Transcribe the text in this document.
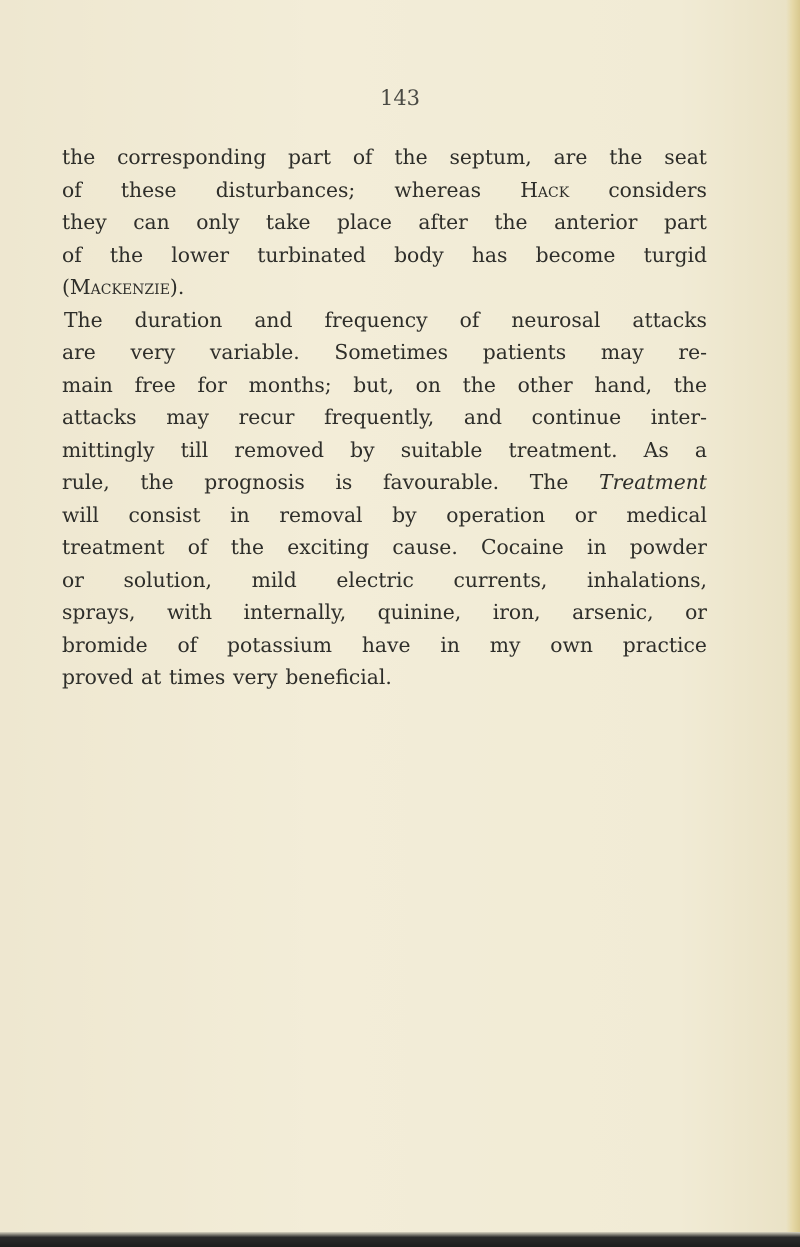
143
the corresponding part of the septum, are the seat
of these disturbances; whereas Hack considers
they can only take place after the anterior part
of the lower turbinated body has become turgid
(Mackenzie).
The duration and frequency of neurosal attacks
are very variable. Sometimes patients may re-
main free for months; but, on the other hand, the
attacks may recur frequently, and continue inter-
mittingly till removed by suitable treatment. As a
rule, the prognosis is favourable. The Treatment
will consist in removal by operation or medical
treatment of the exciting cause. Cocaine in powder
or solution, mild electric currents, inhalations,
sprays, with internally, quinine, iron, arsenic, or
bromide of potassium have in my own practice
proved at times very beneficial.
